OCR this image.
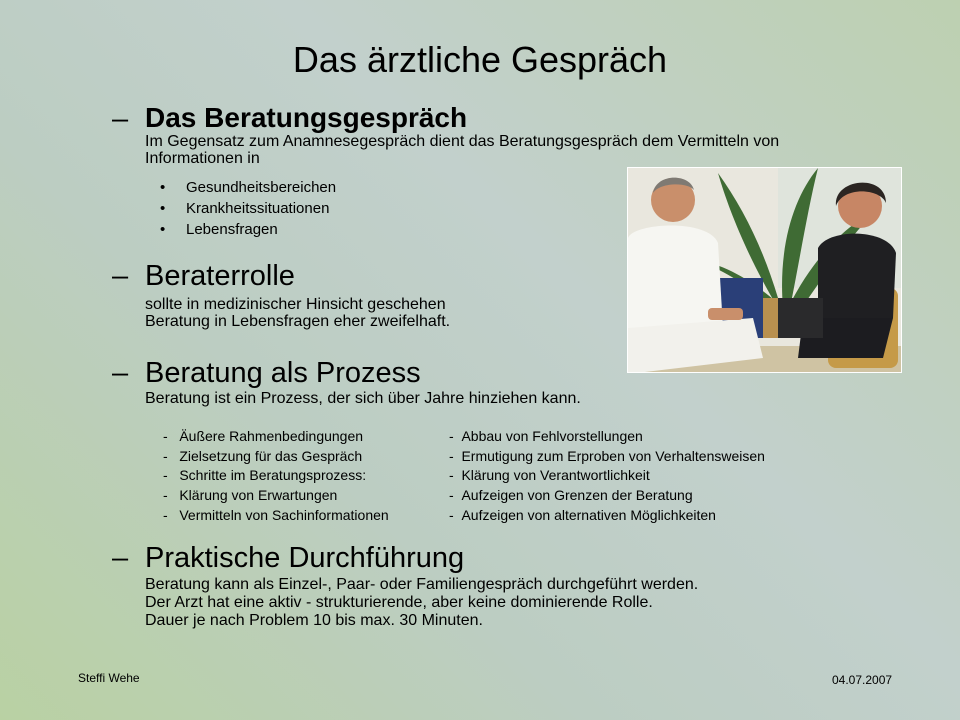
Das ärztliche Gespräch
– Das Beratungsgespräch
Im Gegensatz zum Anamnesegespräch dient das Beratungsgespräch dem Vermitteln von
Informationen in
• Gesundheitsbereichen
• Krankheitssituationen
• Lebensfragen
– Beraterrolle
sollte in medizinischer Hinsicht geschehen
Beratung in Lebensfragen eher zweifelhaft.
– Beratung als Prozess
Beratung ist ein Prozess, der sich über Jahre hinziehen kann.
-   Äußere Rahmenbedingungen
-   Zielsetzung für das Gespräch
-   Schritte im Beratungsprozess:
-   Klärung von Erwartungen
-   Vermitteln von Sachinformationen
-  Abbau von Fehlvorstellungen
-  Ermutigung zum Erproben von Verhaltensweisen
-  Klärung von Verantwortlichkeit
-  Aufzeigen von Grenzen der Beratung
-  Aufzeigen von alternativen Möglichkeiten
– Praktische Durchführung
Beratung kann als Einzel-, Paar- oder Familiengespräch durchgeführt werden.
Der Arzt hat eine aktiv - strukturierende, aber keine dominierende Rolle.
Dauer je nach Problem 10 bis max. 30 Minuten.
Steffi Wehe	04.07.2007
